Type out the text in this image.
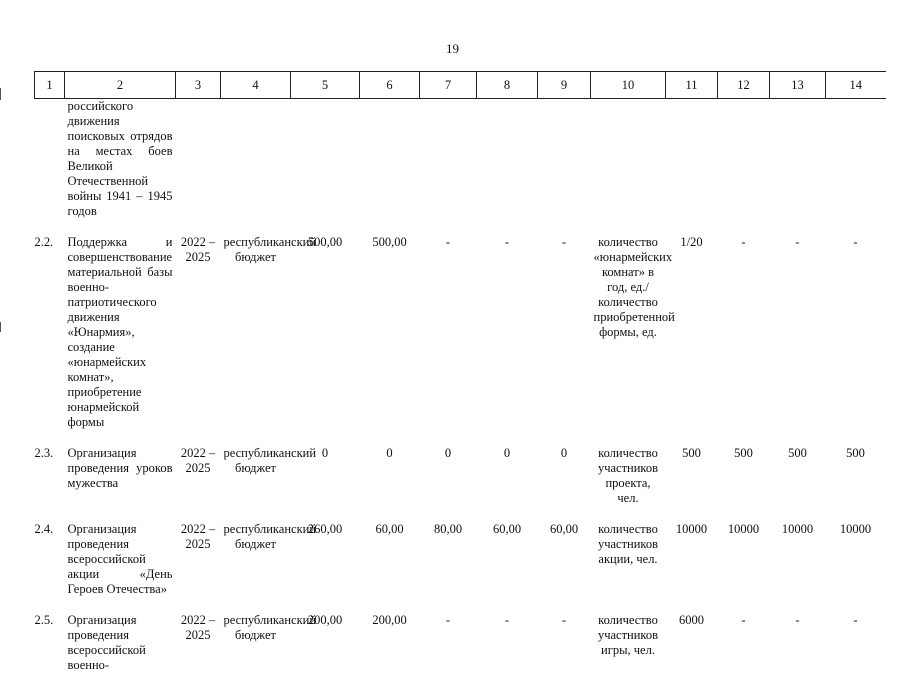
19
1	2	3	4	5	6	7	8	9	10	11	12	13	14
	российского движения поисковых отрядов на местах боев Великой Отечественной войны 1941 – 1945 годов												

2.2.	Поддержка и совершенствование материальной базы военно-патриотического движения «Юнармия», создание «юнармейских комнат», приобретение юнармейской формы	2022 – 2025	республиканский бюджет	500,00	500,00	-	-	-	количество «юнармейских комнат» в год, ед./количество приобретенной формы, ед.	1/20	-	-	-

2.3.	Организация проведения уроков мужества	2022 – 2025	республиканский бюджет	0	0	0	0	0	количество участников проекта, чел.	500	500	500	500

2.4.	Организация проведения всероссийской акции «День Героев Отечества»	2022 – 2025	республиканский бюджет	260,00	60,00	80,00	60,00	60,00	количество участников акции, чел.	10000	10000	10000	10000

2.5.	Организация проведения всероссийской военно-	2022 – 2025	республиканский бюджет	200,00	200,00	-	-	-	количество участников игры, чел.	6000	-	-	-
